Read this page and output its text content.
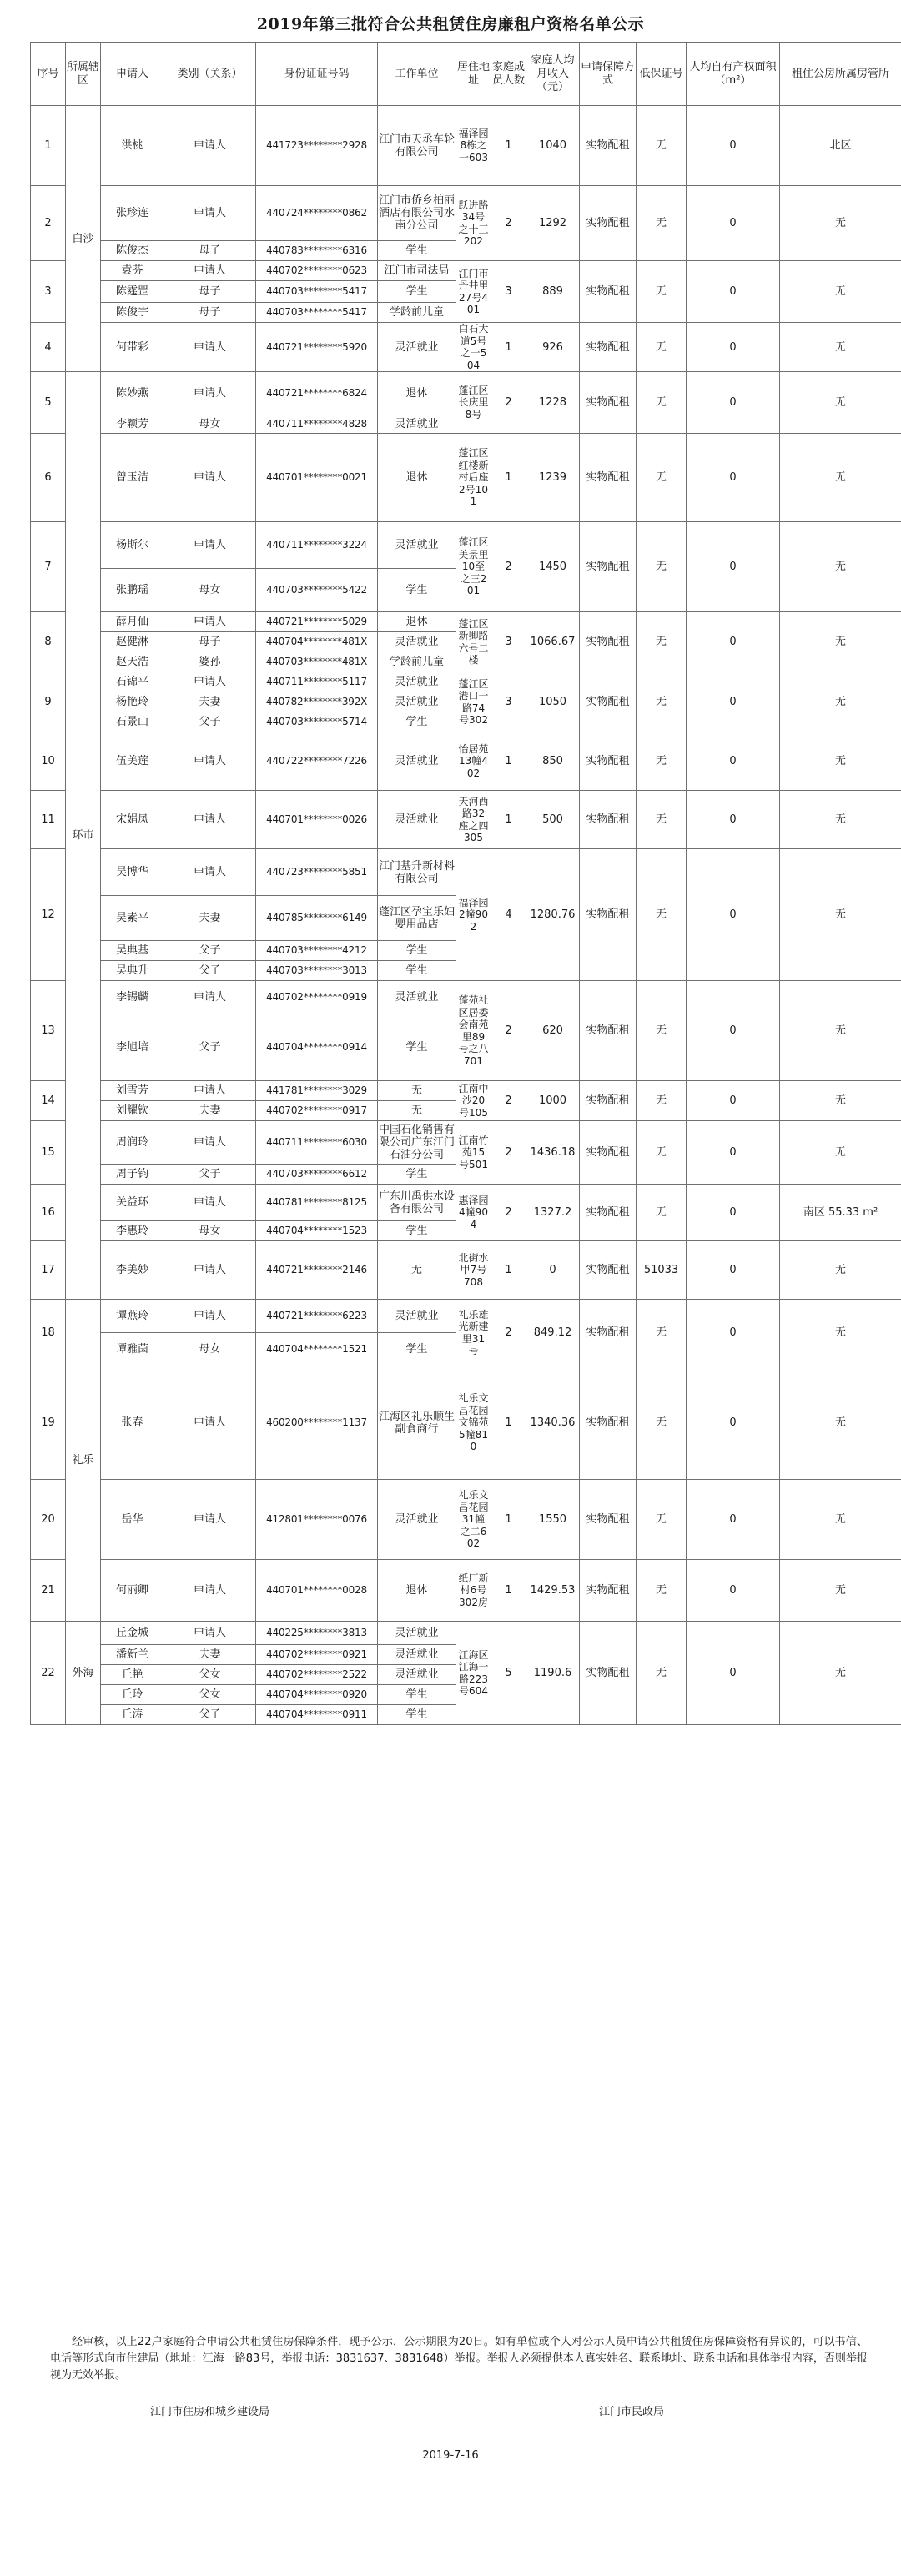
2019年第三批符合公共租赁住房廉租户资格名单公示
序号	所属辖区	申请人	类别（关系）	身份证证号码	工作单位	居住地址	家庭成员人数	家庭人均月收入（元）	申请保障方式	低保证号	人均自有产权面积（m²）	租住公房所属房管所
1	白沙	洪桃	申请人	441723********2928	江门市天丞车轮有限公司	福泽园8栋之一603	1	1040	实物配租	无	0	北区
2		张珍连	申请人	440724********0862	江门市侨乡柏丽酒店有限公司水南分公司	跃进路34号之十三202	2	1292	实物配租	无	0	无
		陈俊杰	母子	440783********6316	学生							
3		袁芬	申请人	440702********0623	江门市司法局	江门市丹井里27号401	3	889	实物配租	无	0	无
		陈霆罡	母子	440703********5417	学生							
		陈俊宇	母子	440703********5417	学龄前儿童							
4		何带彩	申请人	440721********5920	灵活就业	白石大道5号之一504	1	926	实物配租	无	0	无
5	环市	陈妙燕	申请人	440721********6824	退休	蓬江区长庆里8号	2	1228	实物配租	无	0	无
		李颖芳	母女	440711********4828	灵活就业							
6		曾玉洁	申请人	440701********0021	退休	蓬江区红楼新村后座2号101	1	1239	实物配租	无	0	无
7		杨斯尔	申请人	440711********3224	灵活就业	蓬江区美景里10至之三201	2	1450	实物配租	无	0	无
		张鹏瑶	母女	440703********5422	学生							
8		薛月仙	申请人	440721********5029	退休	蓬江区新卿路六号二楼	3	1066.67	实物配租	无	0	无
		赵健淋	母子	440704********481X	灵活就业							
		赵天浩	婆孙	440703********481X	学龄前儿童							
9		石锦平	申请人	440711********5117	灵活就业	蓬江区港口一路74号302	3	1050	实物配租	无	0	无
		杨艳玲	夫妻	440782********392X	灵活就业							
		石景山	父子	440703********5714	学生							
10		伍美莲	申请人	440722********7226	灵活就业	怡居苑13幢402	1	850	实物配租	无	0	无
11		宋娟凤	申请人	440701********0026	灵活就业	天河西路32座之四305	1	500	实物配租	无	0	无
12		吴博华	申请人	440723********5851	江门基升新材料有限公司	福泽园2幢902	4	1280.76	实物配租	无	0	无
		吴素平	夫妻	440785********6149	蓬江区孕宝乐妇婴用品店							
		吴典基	父子	440703********4212	学生							
		吴典升	父子	440703********3013	学生							
13		李锡麟	申请人	440702********0919	灵活就业	蓬苑社区居委会南苑里89号之八701	2	620	实物配租	无	0	无
		李旭培	父子	440704********0914	学生							
14		刘雪芳	申请人	441781********3029	无	江南中沙20号105	2	1000	实物配租	无	0	无
		刘耀钦	夫妻	440702********0917	无							
15		周润玲	申请人	440711********6030	中国石化销售有限公司广东江门石油分公司	江南竹苑15号501	2	1436.18	实物配租	无	0	无
		周子钧	父子	440703********6612	学生							
16		关益环	申请人	440781********8125	广东川禹供水设备有限公司	惠泽园4幢904	2	1327.2	实物配租	无	0	南区 55.33 m²
		李惠玲	母女	440704********1523	学生							
17		李美妙	申请人	440721********2146	无	北街水甲7号708	1	0	实物配租	51033	0	无
18	礼乐	谭燕玲	申请人	440721********6223	灵活就业	礼乐雄光新建里31号	2	849.12	实物配租	无	0	无
		谭雅茵	母女	440704********1521	学生							
19		张春	申请人	460200********1137	江海区礼乐顺生副食商行	礼乐文昌花园文锦苑5幢810	1	1340.36	实物配租	无	0	无
20		岳华	申请人	412801********0076	灵活就业	礼乐文昌花园31幢之二602	1	1550	实物配租	无	0	无
21		何丽卿	申请人	440701********0028	退休	纸厂新村6号302房	1	1429.53	实物配租	无	0	无
22	外海	丘金城	申请人	440225********3813	灵活就业	江海区江海一路223号604	5	1190.6	实物配租	无	0	无
		潘新兰	夫妻	440702********0921	灵活就业							
		丘艳	父女	440702********2522	灵活就业							
		丘玲	父女	440704********0920	学生							
		丘涛	父子	440704********0911	学生							
经审核，以上22户家庭符合申请公共租赁住房保障条件，现予公示，公示期限为20日。如有单位或个人对公示人员申请公共租赁住房保障资格有异议的，可以书信、电话等形式向市住建局（地址：江海一路83号，举报电话：3831637、3831648）举报。举报人必须提供本人真实姓名、联系地址、联系电话和具体举报内容，否则举报视为无效举报。
江门市住房和城乡建设局	江门市民政局
2019-7-16
